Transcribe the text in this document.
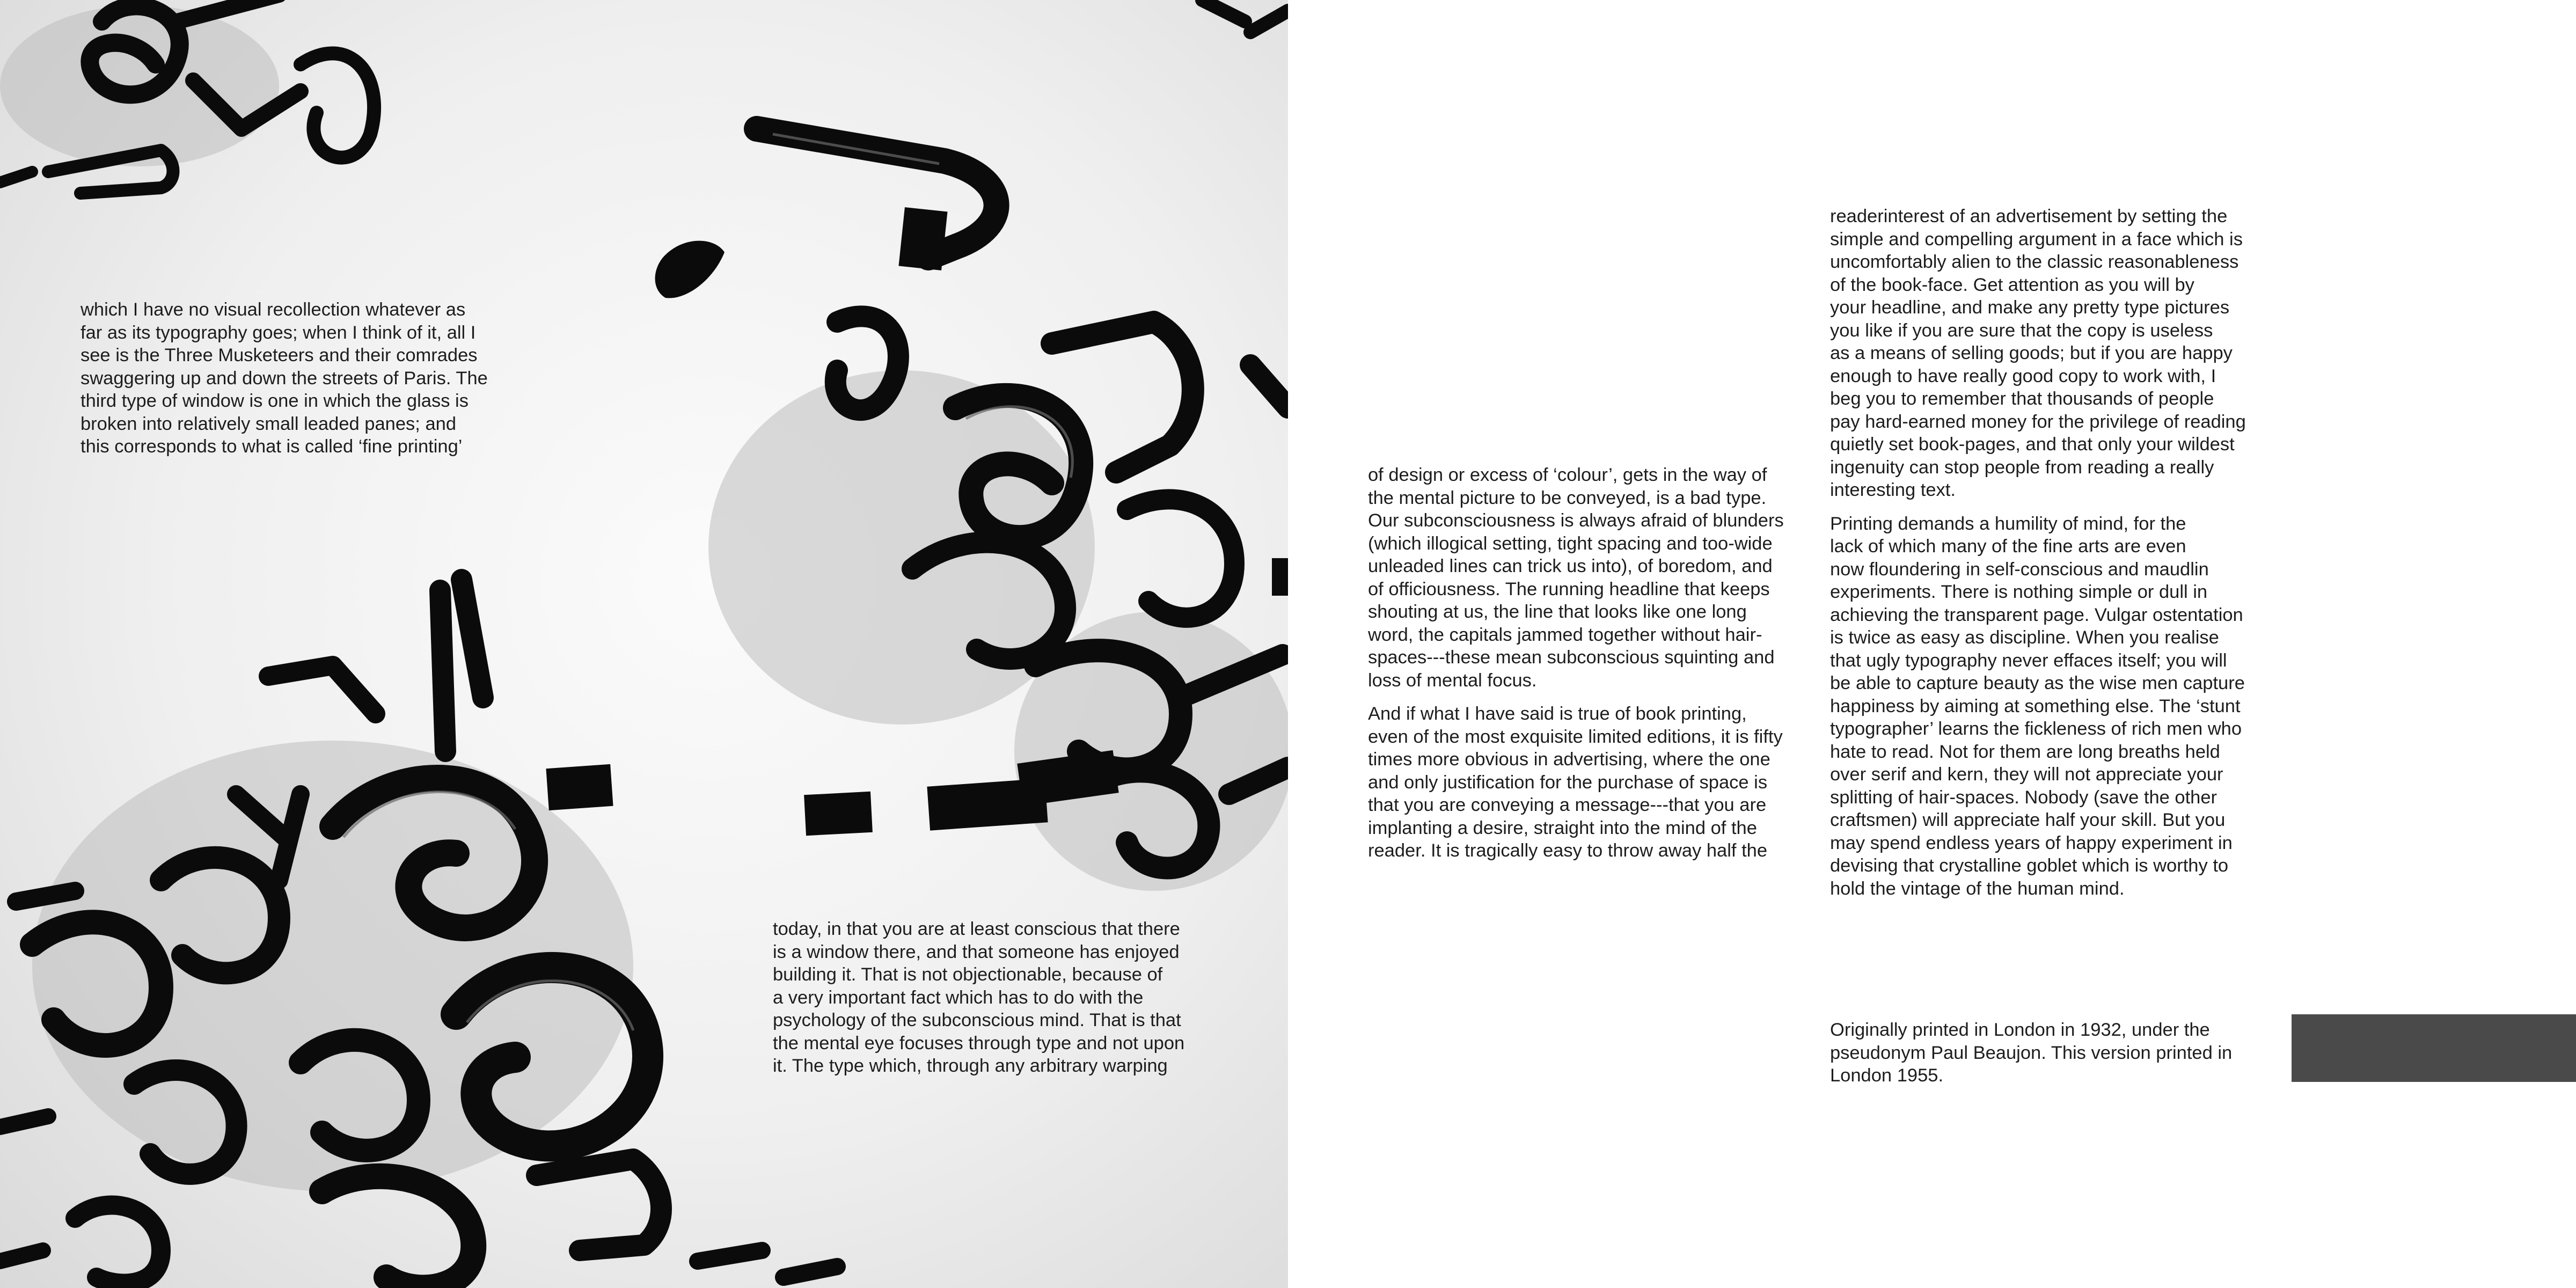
which I have no visual recollection whatever as
far as its typography goes; when I think of it, all I
see is the Three Musketeers and their comrades
swaggering up and down the streets of Paris. The
third type of window is one in which the glass is
broken into relatively small leaded panes; and
this corresponds to what is called ‘fine printing’
today, in that you are at least conscious that there
is a window there, and that someone has enjoyed
building it. That is not objectionable, because of
a very important fact which has to do with the
psychology of the subconscious mind. That is that
the mental eye focuses through type and not upon
it. The type which, through any arbitrary warping
of design or excess of ‘colour’, gets in the way of
the mental picture to be conveyed, is a bad type.
Our subconsciousness is always afraid of blunders
(which illogical setting, tight spacing and too-wide
unleaded lines can trick us into), of boredom, and
of officiousness. The running headline that keeps
shouting at us, the line that looks like one long
word, the capitals jammed together without hair-
spaces---these mean subconscious squinting and
loss of mental focus.
And if what I have said is true of book printing,
even of the most exquisite limited editions, it is fifty
times more obvious in advertising, where the one
and only justification for the purchase of space is
that you are conveying a message---that you are
implanting a desire, straight into the mind of the
reader. It is tragically easy to throw away half the
readerinterest of an advertisement by setting the
simple and compelling argument in a face which is
uncomfortably alien to the classic reasonableness
of the book-face. Get attention as you will by
your headline, and make any pretty type pictures
you like if you are sure that the copy is useless
as a means of selling goods; but if you are happy
enough to have really good copy to work with, I
beg you to remember that thousands of people
pay hard-earned money for the privilege of reading
quietly set book-pages, and that only your wildest
ingenuity can stop people from reading a really
interesting text.
Printing demands a humility of mind, for the
lack of which many of the fine arts are even
now floundering in self-conscious and maudlin
experiments. There is nothing simple or dull in
achieving the transparent page. Vulgar ostentation
is twice as easy as discipline. When you realise
that ugly typography never effaces itself; you will
be able to capture beauty as the wise men capture
happiness by aiming at something else. The ‘stunt
typographer’ learns the fickleness of rich men who
hate to read. Not for them are long breaths held
over serif and kern, they will not appreciate your
splitting of hair-spaces. Nobody (save the other
craftsmen) will appreciate half your skill. But you
may spend endless years of happy experiment in
devising that crystalline goblet which is worthy to
hold the vintage of the human mind.
Originally printed in London in 1932, under the
pseudonym Paul Beaujon. This version printed in
London 1955.
